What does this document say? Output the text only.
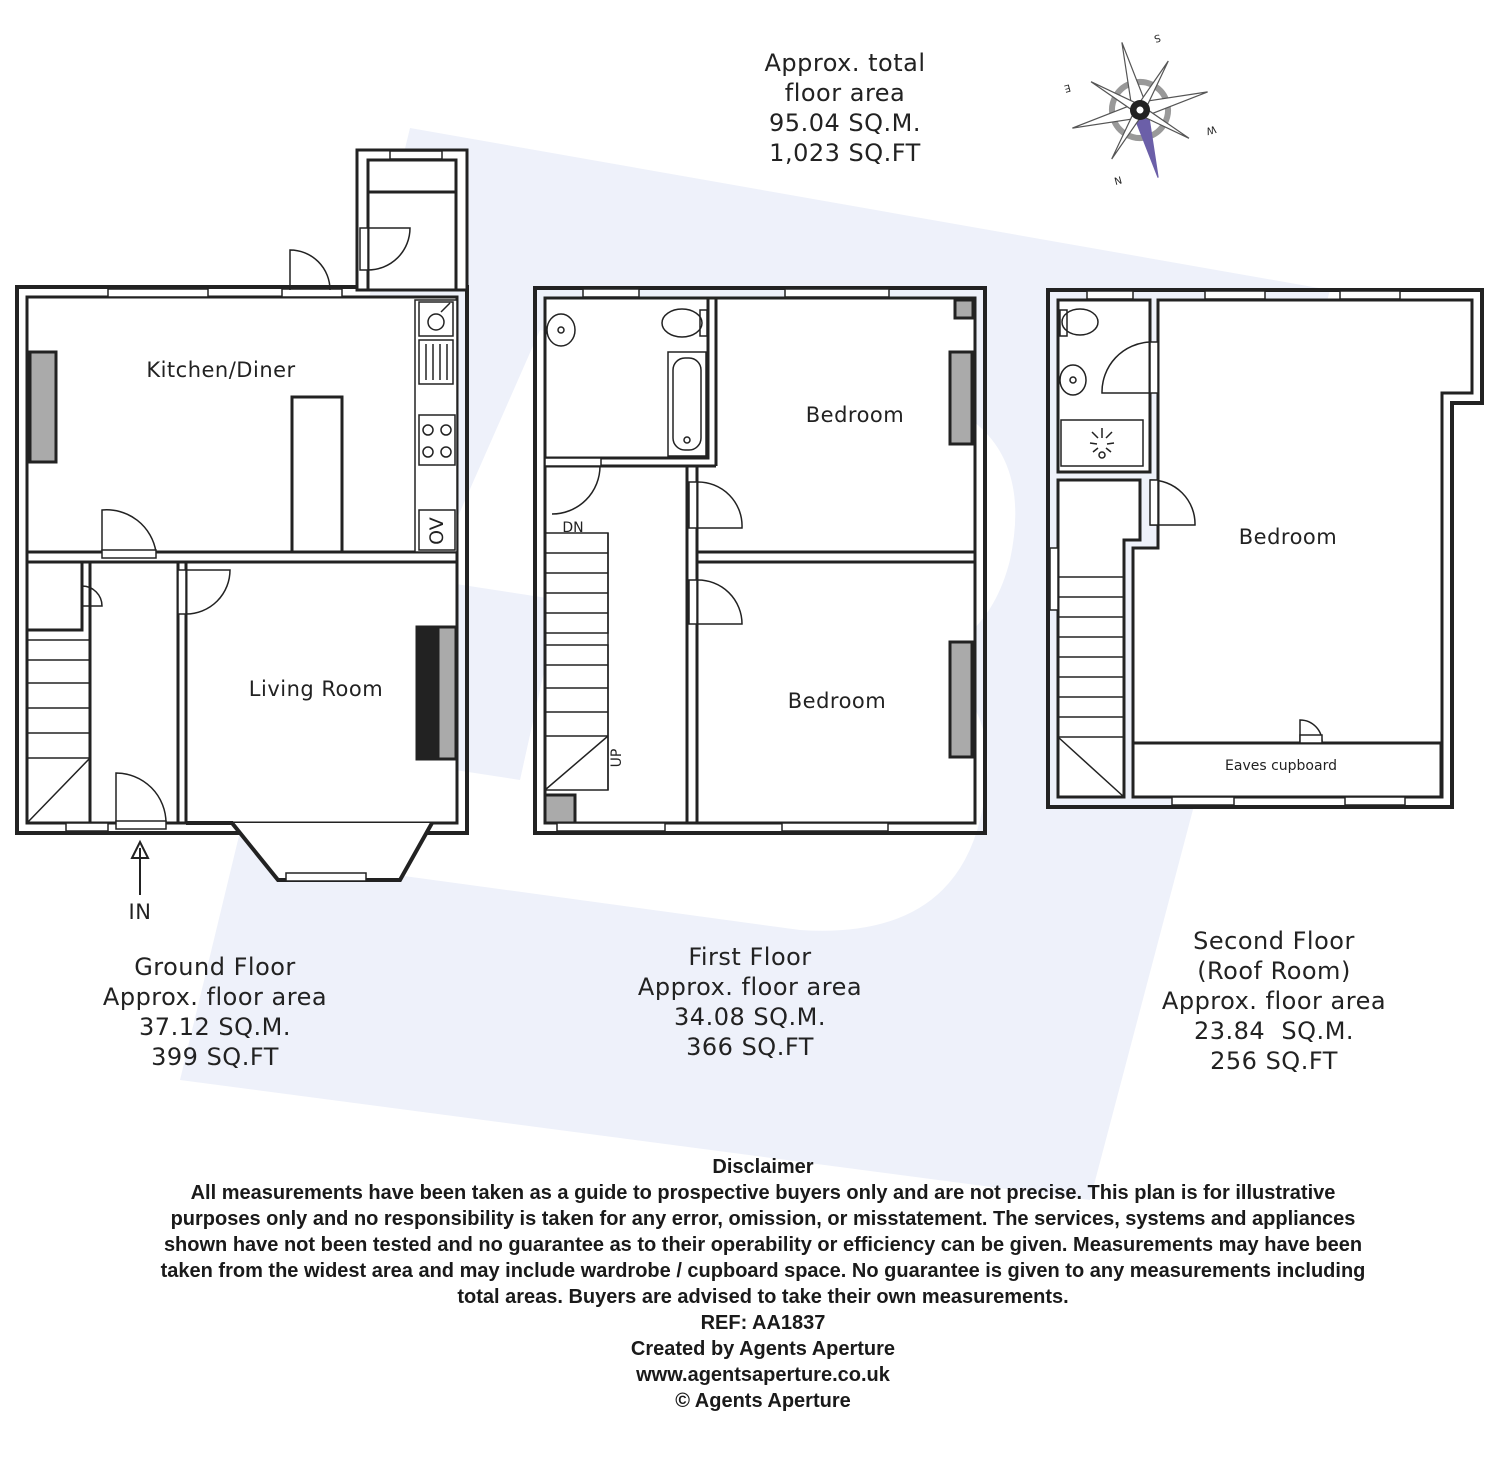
S
E
W
N
Approx. total
floor area
95.04 SQ.M.
1,023 SQ.FT
Kitchen/Diner
Living Room
OV
IN
Ground Floor
Approx. floor area
37.12 SQ.M.
399 SQ.FT
Bedroom
Bedroom
DN
UP
First Floor
Approx. floor area
34.08 SQ.M.
366 SQ.FT
Bedroom
Eaves cupboard
Second Floor
(Roof Room)
Approx. floor area
23.84  SQ.M.
256 SQ.FT

Disclaimer

All measurements have been taken as a guide to prospective buyers only and are not precise. This plan is for illustrative purposes only and no responsibility is taken for any error, omission, or misstatement. The services, systems and appliances shown have not been tested and no guarantee as to their operability or efficiency can be given. Measurements may have been taken from the widest area and may include wardrobe / cupboard space. No guarantee is given to any measurements including total areas. Buyers are advised to take their own measurements.

REF: AA1837

Created by Agents Aperture

www.agentsaperture.co.uk

© Agents Aperture
